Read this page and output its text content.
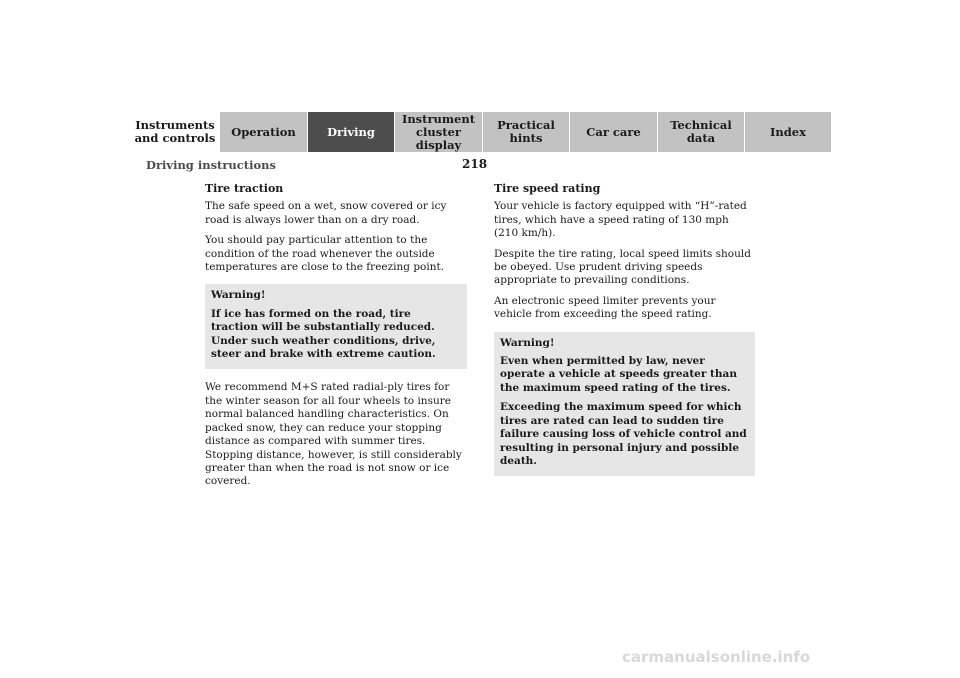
Instruments
and controls	Operation	Driving
Instrument
cluster display
Practical hints	Car care	Technical
data	Index
218
Driving instructions
Tire traction

The safe speed on a wet, snow covered or icy road is always lower than on a dry road.

You should pay particular attention to the condition of the road whenever the outside temperatures are close to the freezing point.

Warning!

If ice has formed on the road, tire traction will be substantially reduced. Under such weather conditions, drive, steer and brake with extreme caution.

We recommend M+S rated radial-ply tires for the winter season for all four wheels to insure normal balanced handling characteristics. On packed snow, they can reduce your stopping distance as compared with summer tires. Stopping distance, however, is still considerably greater than when the road is not snow or ice covered.

Tire speed rating

Your vehicle is factory equipped with “H”-rated tires, which have a speed rating of 130 mph (210 km/h).

Despite the tire rating, local speed limits should be obeyed. Use prudent driving speeds appropriate to prevailing conditions.

An electronic speed limiter prevents your vehicle from exceeding the speed rating.

Warning!

Even when permitted by law, never operate a vehicle at speeds greater than the maximum speed rating of the tires.

Exceeding the maximum speed for which tires are rated can lead to sudden tire failure causing loss of vehicle control and resulting in personal injury and possible death.

carmanualsonline.info
